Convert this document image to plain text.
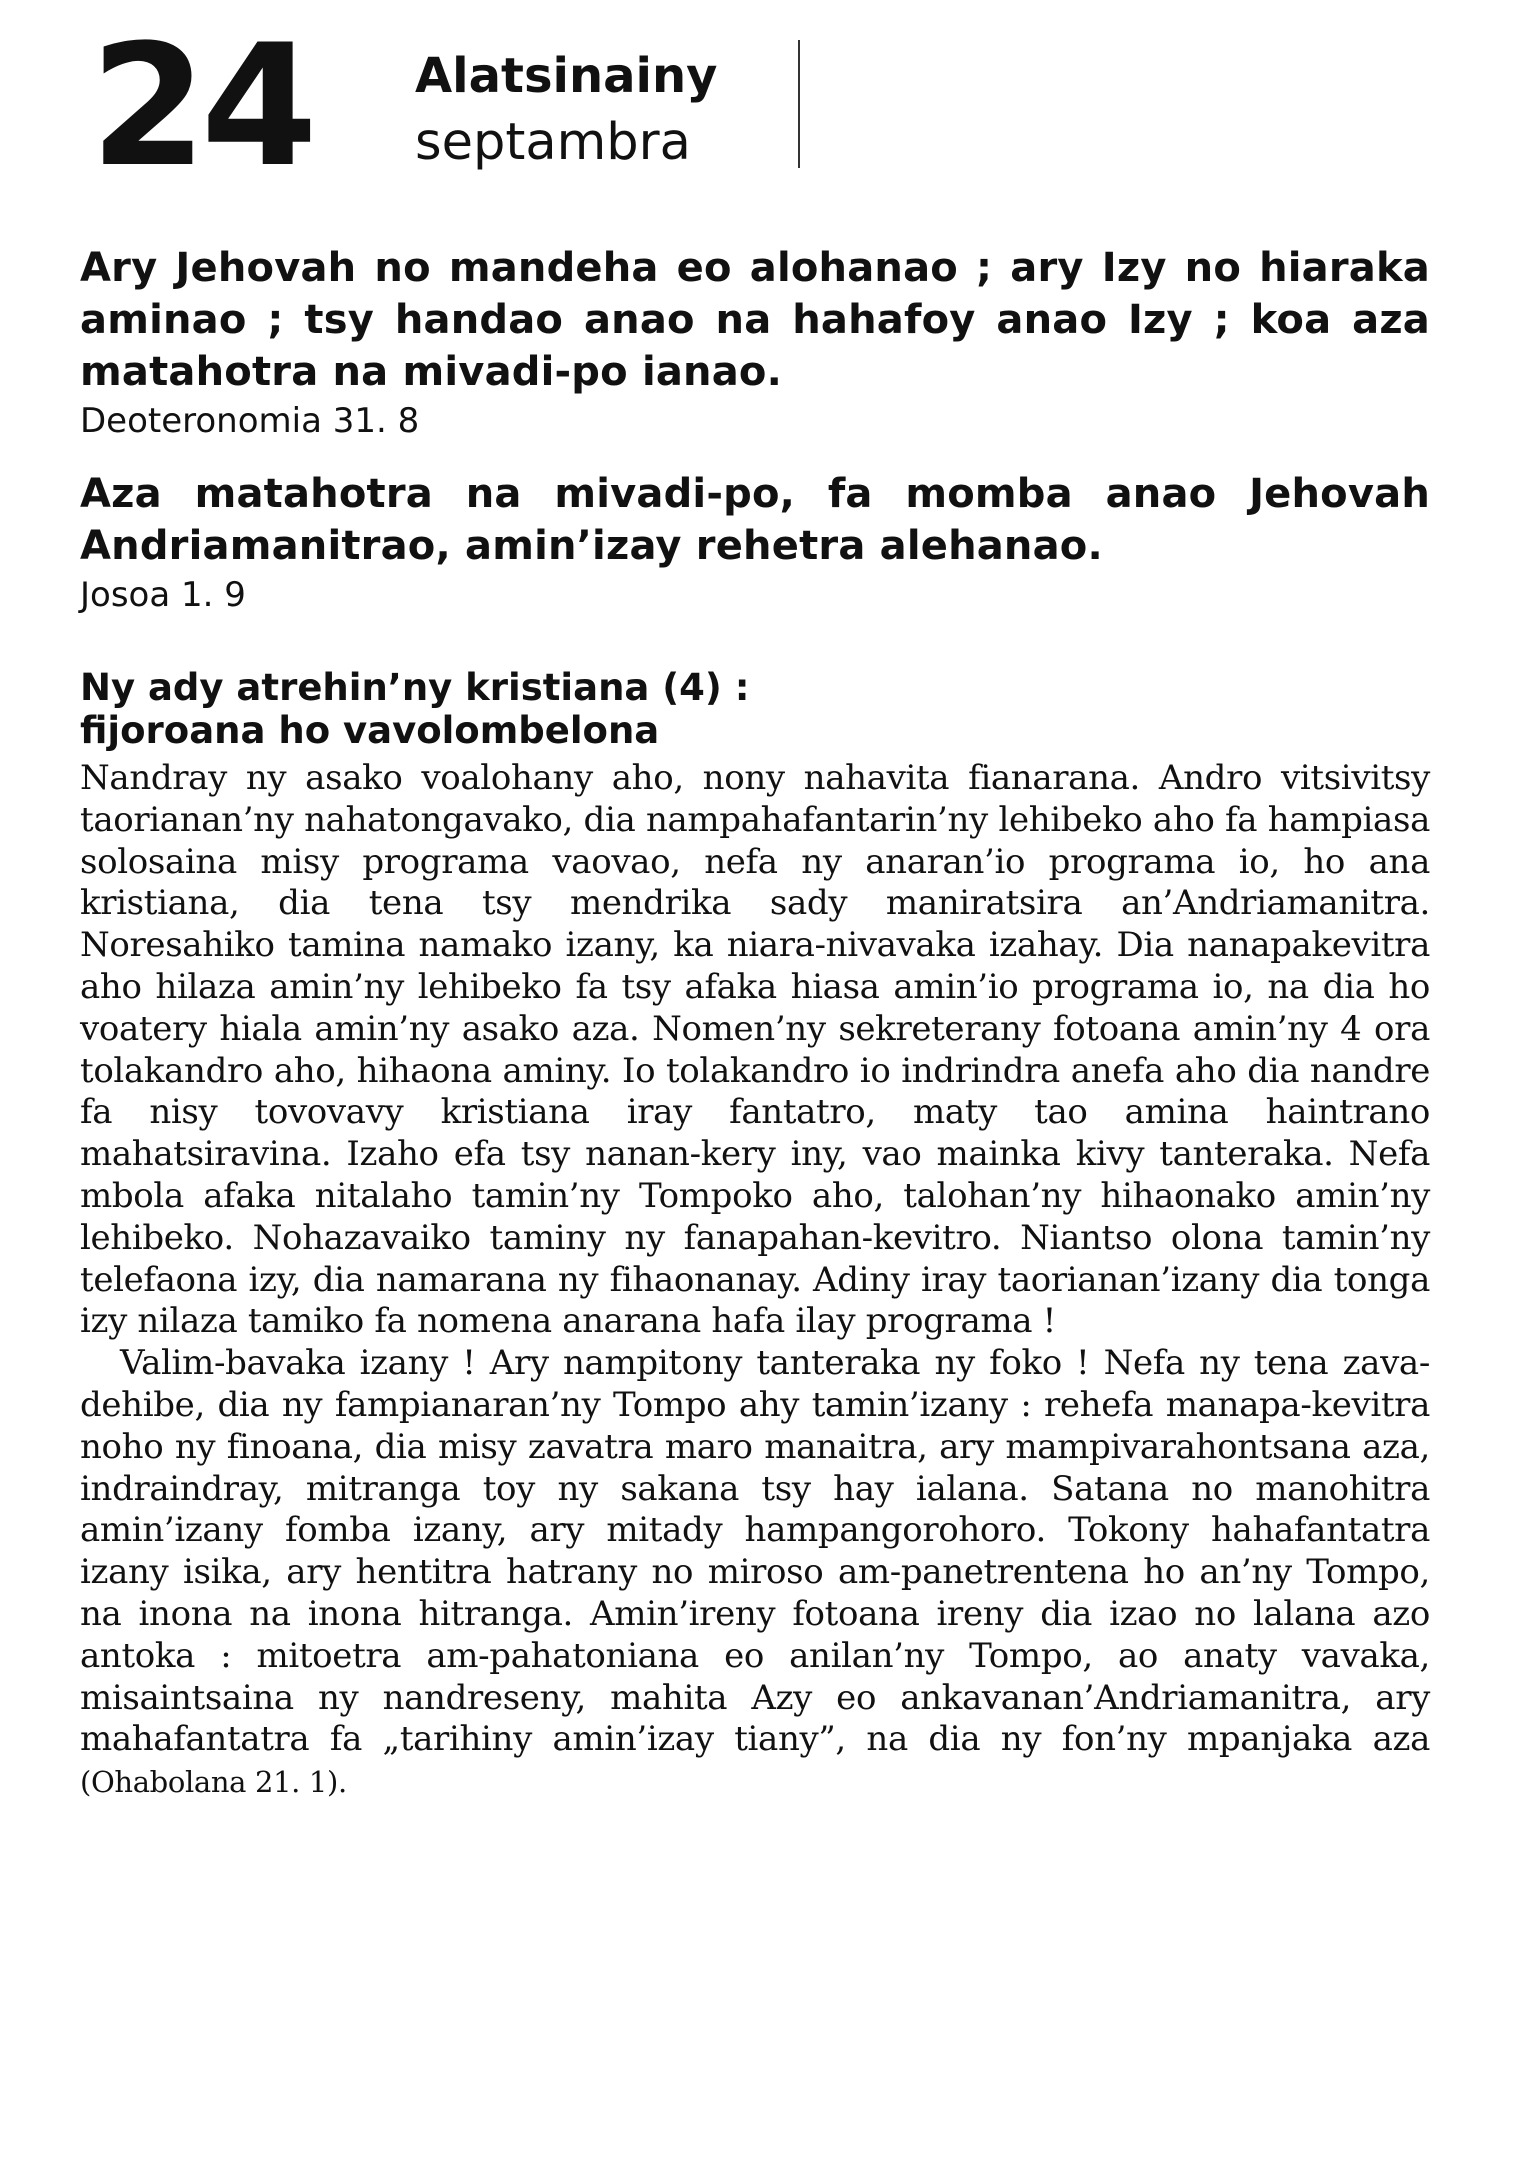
24 Alatsinainy
septambra

Ary Jehovah no mandeha eo alohanao ; ary Izy no hiaraka aminao ; tsy handao anao na hahafoy anao Izy ; koa aza matahotra na mivadi-po ianao.

Deoteronomia 31. 8

Aza matahotra na mivadi-po, fa momba anao Jehovah Andriamanitrao, amin’izay rehetra alehanao.

Josoa 1. 9

Ny ady atrehin’ny kristiana (4) :
fijoroana ho vavolombelona

Nandray ny asako voalohany aho, nony nahavita fianarana. Andro vitsivitsy taorianan’ny nahatongavako, dia nampahafantarin’ny lehibeko aho fa hampiasa solosaina misy programa vaovao, nefa ny anaran’io programa io, ho ana kristiana, dia tena tsy mendrika sady maniratsira an’Andriamanitra. Noresahiko tamina namako izany, ka niara-nivavaka izahay. Dia nanapakevitra aho hilaza amin’ny lehibeko fa tsy afaka hiasa amin’io programa io, na dia ho voatery hiala amin’ny asako aza. Nomen’ny sekreterany fotoana amin’ny 4 ora tolakandro aho, hihaona aminy. Io tolakandro io indrindra anefa aho dia nandre fa nisy tovovavy kristiana iray fantatro, maty tao amina haintrano mahatsiravina. Izaho efa tsy nanan-kery iny, vao mainka kivy tanteraka. Nefa mbola afaka nitalaho tamin’ny Tompoko aho, talohan’ny hihaonako amin’ny lehibeko. Nohazavaiko taminy ny fanapahan-kevitro. Niantso olona tamin’ny telefaona izy, dia namarana ny fihaonanay. Adiny iray taorianan’izany dia tonga izy nilaza tamiko fa nomena anarana hafa ilay programa !

Valim-bavaka izany ! Ary nampitony tanteraka ny foko ! Nefa ny tena zava-dehibe, dia ny fampianaran’ny Tompo ahy tamin’izany : rehefa manapa-kevitra noho ny finoana, dia misy zavatra maro manaitra, ary mampivarahontsana aza, indraindray, mitranga toy ny sakana tsy hay ialana. Satana no manohitra amin’izany fomba izany, ary mitady hampangorohoro. Tokony hahafantatra izany isika, ary hentitra hatrany no miroso am-panetrentena ho an’ny Tompo, na inona na inona hitranga. Amin’ireny fotoana ireny dia izao no lalana azo antoka : mitoetra am-pahatoniana eo anilan’ny Tompo, ao anaty vavaka, misaintsaina ny nandreseny, mahita Azy eo ankavanan’Andriamanitra, ary mahafantatra fa „tarihiny amin’izay tiany”, na dia ny fon’ny mpanjaka aza (Ohabolana 21. 1).
